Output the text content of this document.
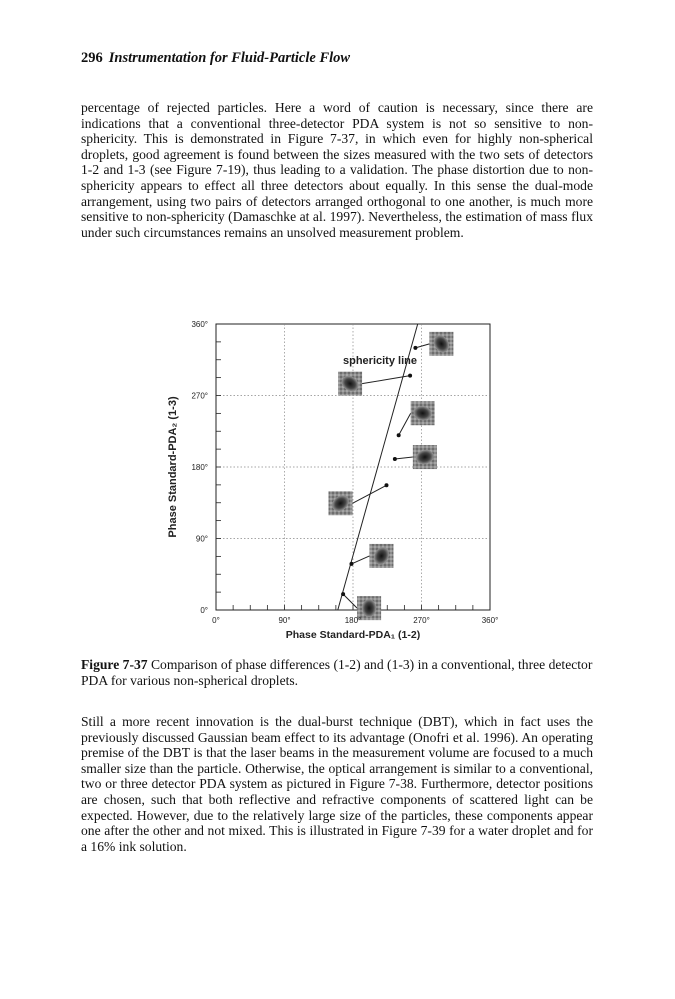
296 Instrumentation for Fluid-Particle Flow
percentage of rejected particles. Here a word of caution is necessary, since there are indications that a conventional three-detector PDA system is not so sensitive to non-sphericity. This is demonstrated in Figure 7-37, in which even for highly non-spherical droplets, good agreement is found between the sizes measured with the two sets of detectors 1-2 and 1-3 (see Figure 7-19), thus leading to a validation. The phase distortion due to non-sphericity appears to effect all three detectors about equally. In this sense the dual-mode arrangement, using two pairs of detectors arranged orthogonal to one another, is much more sensitive to non-sphericity (Damaschke at al. 1997). Nevertheless, the estimation of mass flux under such circumstances remains an unsolved measurement problem.
0°	90°	180°	270°	360°
0°
90°
180°
270°
360°
sphericity line
Phase Standard-PDA₁ (1-2)
Phase Standard-PDA₂ (1-3)
Figure 7-37 Comparison of phase differences (1-2) and (1-3) in a conventional, three detector PDA for various non-spherical droplets.
Still a more recent innovation is the dual-burst technique (DBT), which in fact uses the previously discussed Gaussian beam effect to its advantage (Onofri et al. 1996). An operating premise of the DBT is that the laser beams in the measurement volume are focused to a much smaller size than the particle. Otherwise, the optical arrangement is similar to a conventional, two or three detector PDA system as pictured in Figure 7-38. Furthermore, detector positions are chosen, such that both reflective and refractive components of scattered light can be expected. However, due to the relatively large size of the particles, these components appear one after the other and not mixed. This is illustrated in Figure 7-39 for a water droplet and for a 16% ink solution.
